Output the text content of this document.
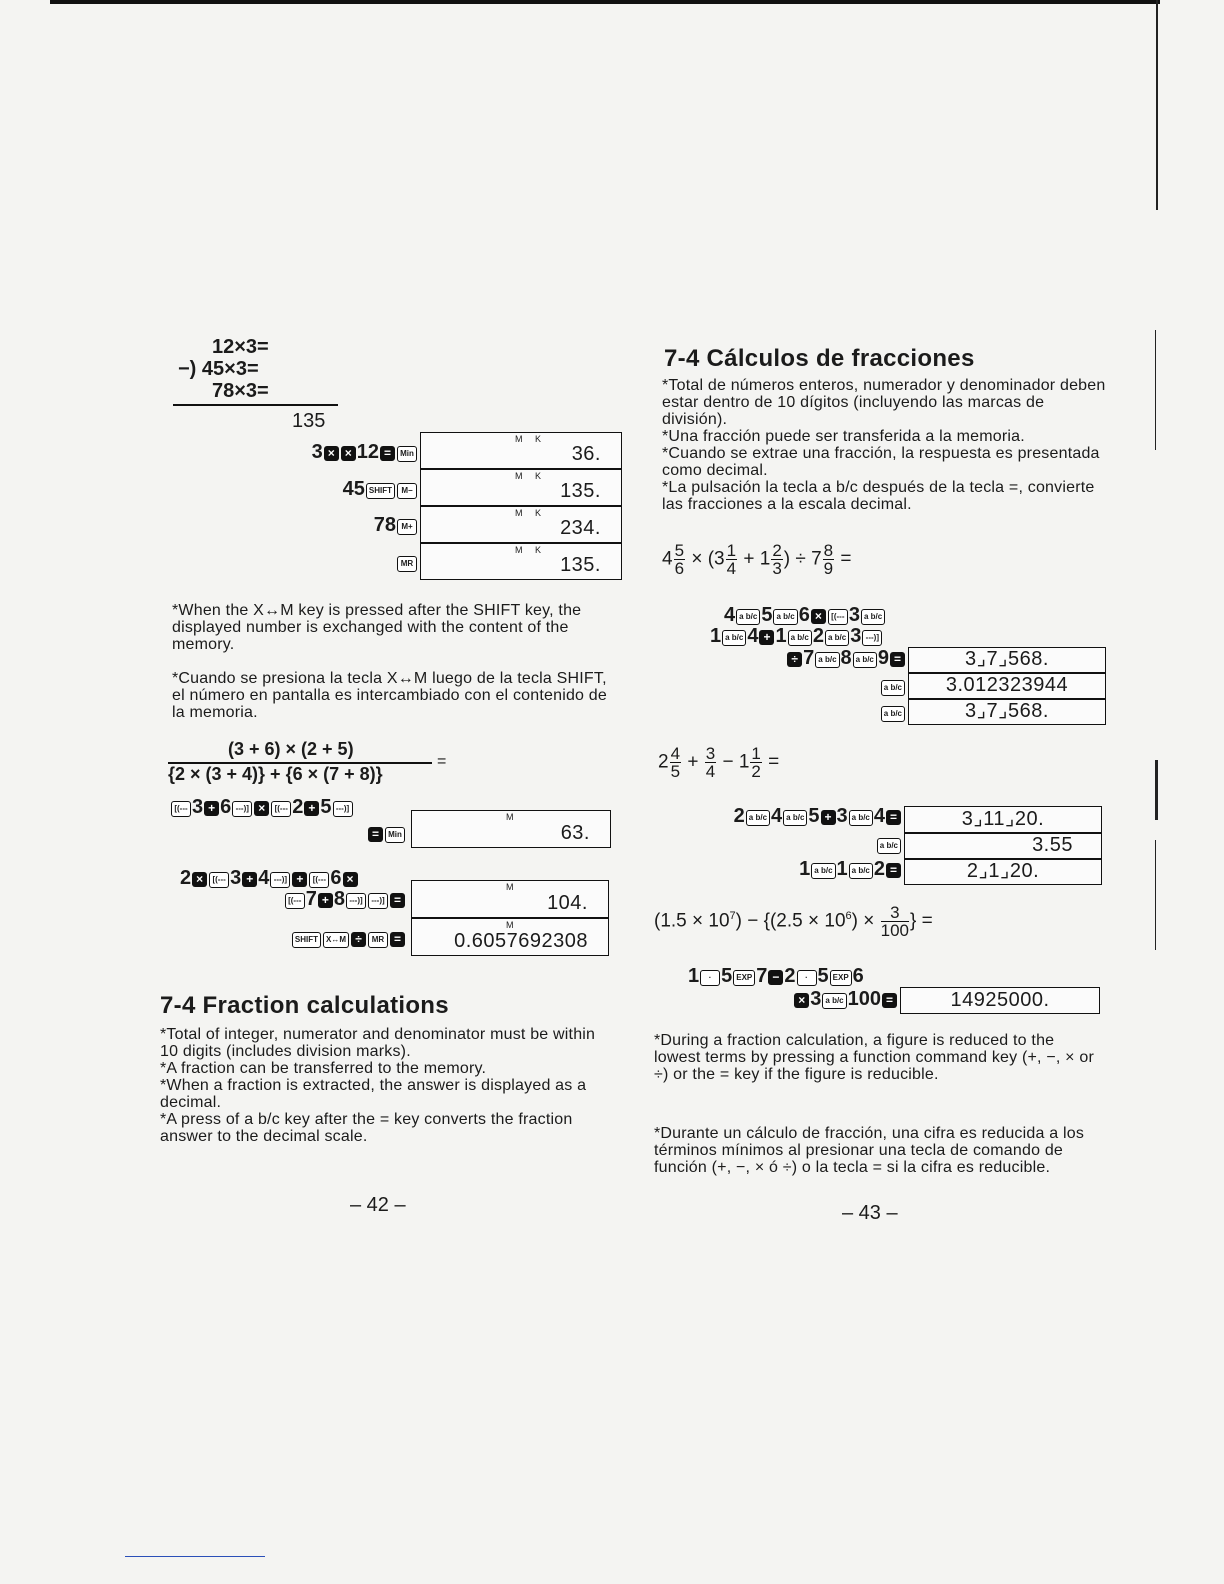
12×3=
−) 45×3=
78×3=
135
3 × × 12 = Min
45 SHIFT M−
78 M+
MR
M K
36.
M K
135.
M K
234.
M K
135.
*When the X↔M key is pressed after the SHIFT key, the displayed number is exchanged with the content of the memory.
*Cuando se presiona la tecla X↔M luego de la tecla SHIFT, el número en pantalla es intercambiado con el contenido de la memoria.
(3 + 6) × (2 + 5)
{2 × (3 + 4)} + {6 × (7 + 8)}
=
[(--- 3 + 6 ---)] × [(--- 2 + 5 ---)]
= Min
M
63.
2 × [(--- 3 + 4 ---)] + [(--- 6 ×
[(--- 7 + 8 ---)] ---)] =
SHIFT X↔M ÷ MR =
M
104.
M
0.6057692308
7-4 Fraction calculations
*Total of integer, numerator and denominator must be within 10 digits (includes division marks).
*A fraction can be transferred to the memory.
*When a fraction is extracted, the answer is displayed as a decimal.
*A press of a b/c key after the = key converts the fraction answer to the decimal scale.
– 42 –
7-4 Cálculos de fracciones
*Total de números enteros, numerador y denominador deben estar dentro de 10 dígitos (incluyendo las marcas de división).
*Una fracción puede ser transferida a la memoria.
*Cuando se extrae una fracción, la respuesta es presentada como decimal.
*La pulsación la tecla a b/c después de la tecla =, convierte las fracciones a la escala decimal.
$4 \frac{5}{6} \times (3 \frac{1}{4} + 1 \frac{2}{3}$ ) ÷ $7 \frac{8}{9}$ =
4 a b/c 5 a b/c 6 × [(--- 3 a b/c
1 a b/c 4 + 1 a b/c 2 a b/c 3 ---)]
÷ 7 a b/c 8 a b/c 9 =
a b/c
a b/c
3⌟7⌟568.
3.012323944
3⌟7⌟568.
$2 \frac{4}{5} + \frac{3}{4} - 1 \frac{1}{2}$ =
2 a b/c 4 a b/c 5 + 3 a b/c 4 =
a b/c
1 a b/c 1 a b/c 2 =
3⌟11⌟20.
3.55
2⌟1⌟20.
$(1.5 \times 10^7) - \{(2.5 \times 10^6) \times \frac{3}{100}$ } =
1 · 5 EXP 7 − 2 · 5 EXP 6
× 3 a b/c 100 =	14925000.
*During a fraction calculation, a figure is reduced to the lowest terms by pressing a function command key (+, −, × or ÷) or the = key if the figure is reducible.
*Durante un cálculo de fracción, una cifra es reducida a los términos mínimos al presionar una tecla de comando de función (+, −, × ó ÷) o la tecla = si la cifra es reducible.
– 43 –
